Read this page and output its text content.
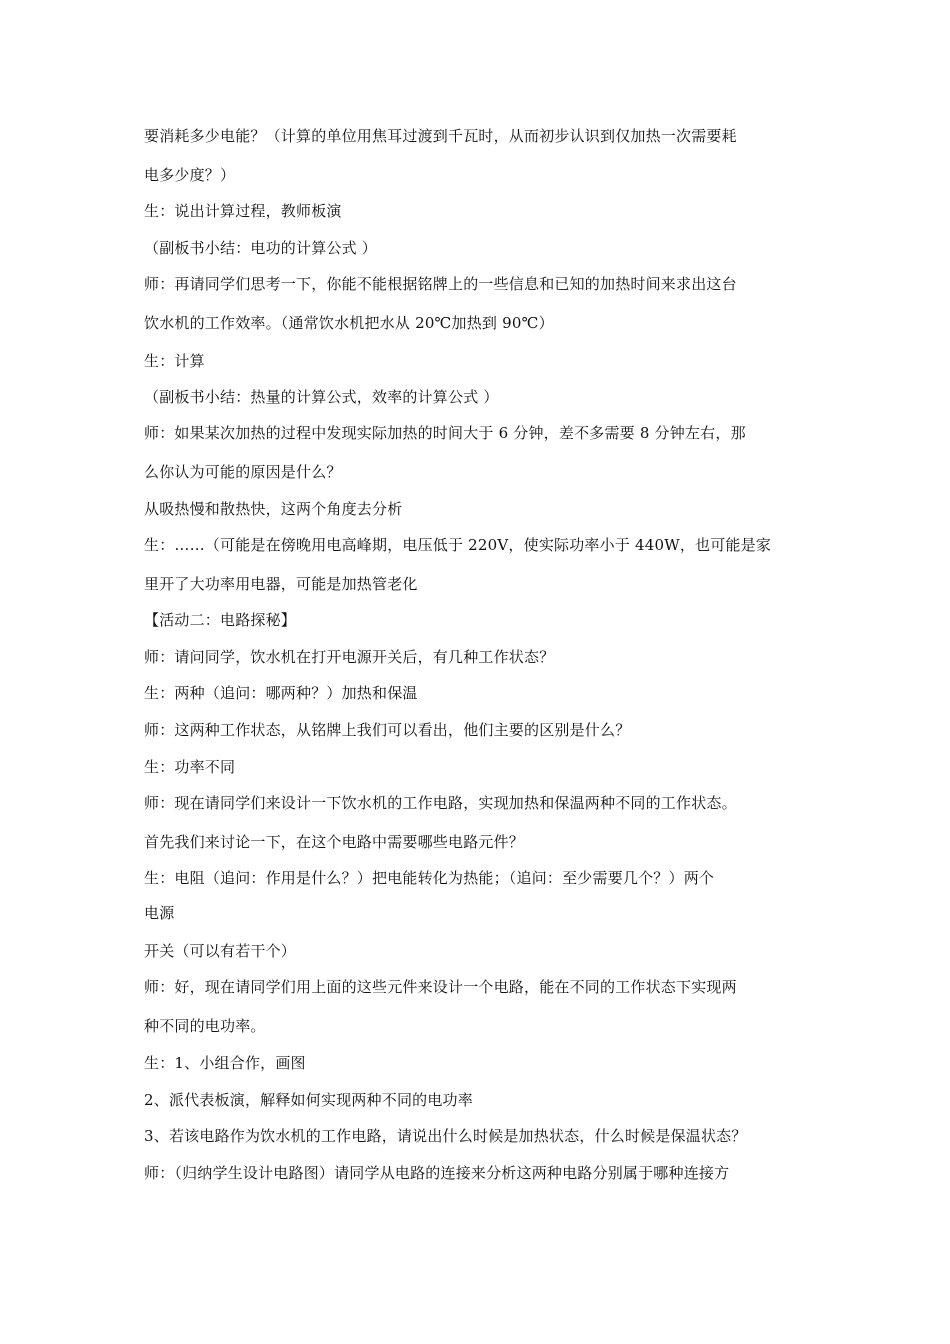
要消耗多少电能？（计算的单位用焦耳过渡到千瓦时，从而初步认识到仅加热一次需要耗
电多少度？）
生：说出计算过程，教师板演
（副板书小结：电功的计算公式 ）
师：再请同学们思考一下，你能不能根据铭牌上的一些信息和已知的加热时间来求出这台
饮水机的工作效率。（通常饮水机把水从 20℃加热到 90℃）
生：计算
（副板书小结：热量的计算公式，效率的计算公式 ）
师：如果某次加热的过程中发现实际加热的时间大于 6 分钟，差不多需要 8 分钟左右，那
么你认为可能的原因是什么？
从吸热慢和散热快，这两个角度去分析
生：……（可能是在傍晚用电高峰期，电压低于 220V，使实际功率小于 440W，也可能是家
里开了大功率用电器，可能是加热管老化
【活动二：电路探秘】
师：请问同学，饮水机在打开电源开关后，有几种工作状态？
生：两种（追问：哪两种？）加热和保温
师：这两种工作状态，从铭牌上我们可以看出，他们主要的区别是什么？
生：功率不同
师：现在请同学们来设计一下饮水机的工作电路，实现加热和保温两种不同的工作状态。
首先我们来讨论一下，在这个电路中需要哪些电路元件？
生：电阻（追问：作用是什么？）把电能转化为热能；（追问：至少需要几个？）两个
电源
开关（可以有若干个）
师：好，现在请同学们用上面的这些元件来设计一个电路，能在不同的工作状态下实现两
种不同的电功率。
生：1、小组合作，画图
2、派代表板演，解释如何实现两种不同的电功率
3、若该电路作为饮水机的工作电路，请说出什么时候是加热状态，什么时候是保温状态？
师：（归纳学生设计电路图）请同学从电路的连接来分析这两种电路分别属于哪种连接方
